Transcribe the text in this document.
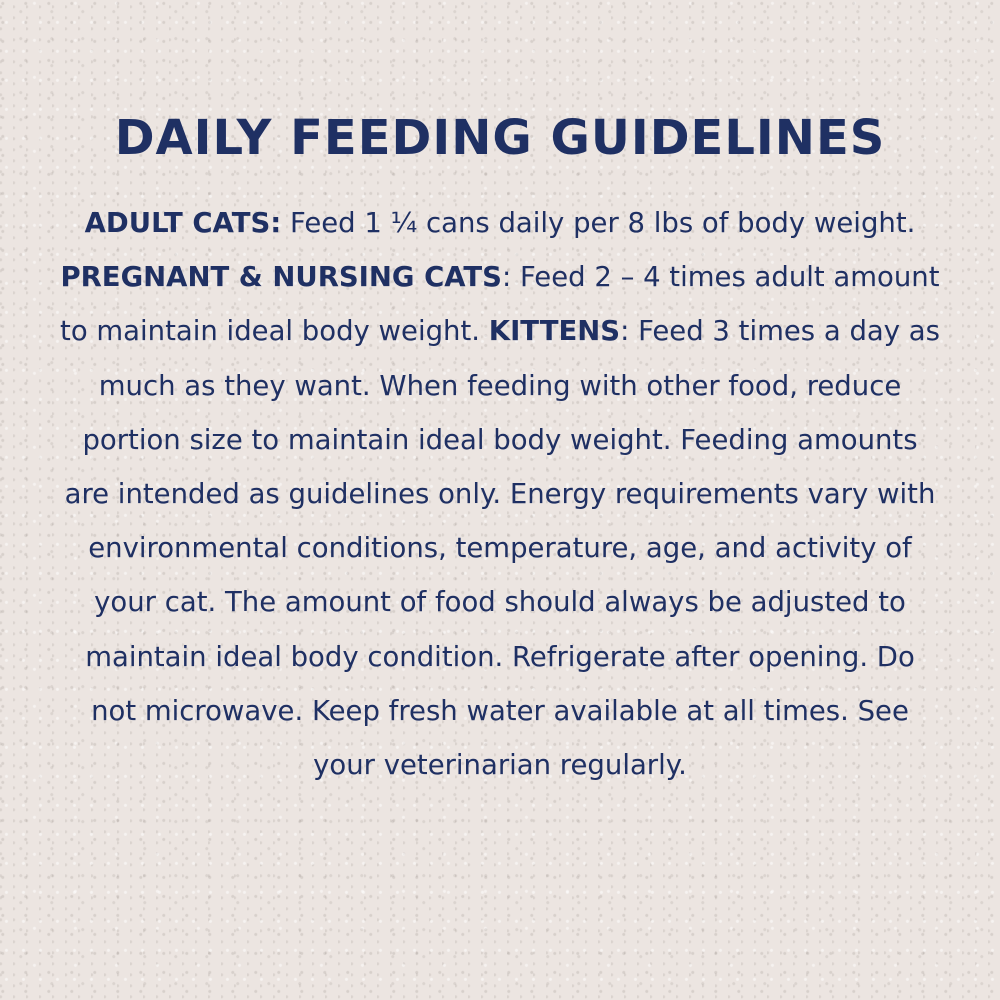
DAILY FEEDING GUIDELINES

ADULT CATS: Feed 1 ¼ cans daily per 8 lbs of body weight. PREGNANT & NURSING CATS: Feed 2 – 4 times adult amount to maintain ideal body weight. KITTENS: Feed 3 times a day as much as they want. When feeding with other food, reduce portion size to maintain ideal body weight. Feeding amounts are intended as guidelines only. Energy requirements vary with environmental conditions, temperature, age, and activity of your cat. The amount of food should always be adjusted to maintain ideal body condition. Refrigerate after opening. Do not microwave. Keep fresh water available at all times. See your veterinarian regularly.
